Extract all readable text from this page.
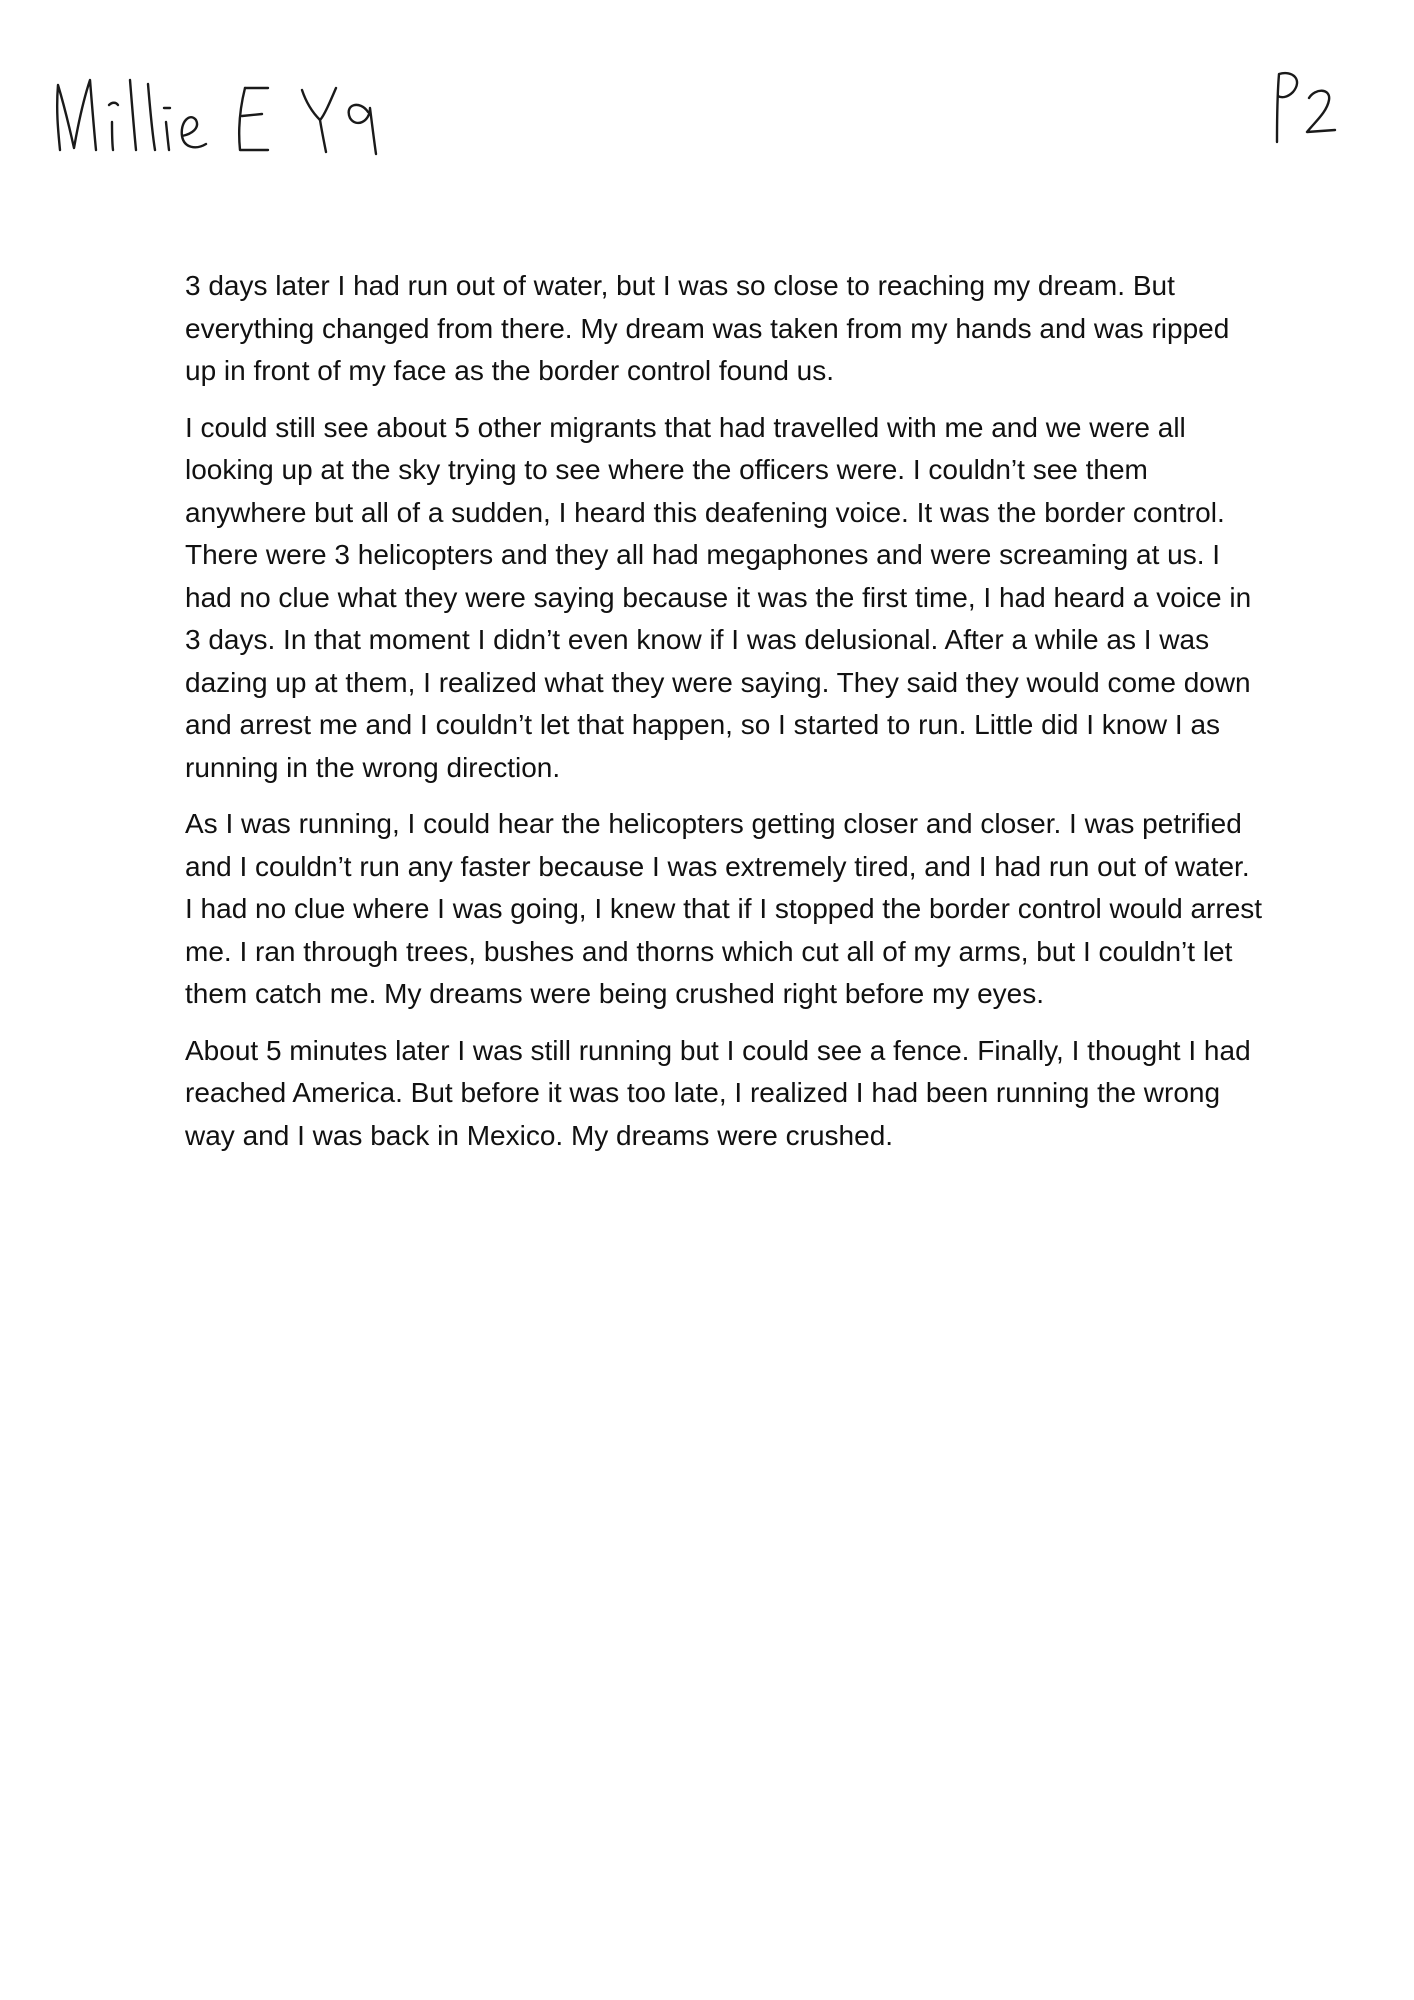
3 days later I had run out of water, but I was so close to reaching my dream. But everything changed from there. My dream was taken from my hands and was ripped up in front of my face as the border control found us.

I could still see about 5 other migrants that had travelled with me and we were all looking up at the sky trying to see where the officers were. I couldn’t see them anywhere but all of a sudden, I heard this deafening voice. It was the border control. There were 3 helicopters and they all had megaphones and were screaming at us. I had no clue what they were saying because it was the first time, I had heard a voice in 3 days. In that moment I didn’t even know if I was delusional. After a while as I was dazing up at them, I realized what they were saying. They said they would come down and arrest me and I couldn’t let that happen, so I started to run. Little did I know I as running in the wrong direction.

As I was running, I could hear the helicopters getting closer and closer. I was petrified and I couldn’t run any faster because I was extremely tired, and I had run out of water. I had no clue where I was going, I knew that if I stopped the border control would arrest me. I ran through trees, bushes and thorns which cut all of my arms, but I couldn’t let them catch me. My dreams were being crushed right before my eyes.

About 5 minutes later I was still running but I could see a fence. Finally, I thought I had reached America. But before it was too late, I realized I had been running the wrong way and I was back in Mexico. My dreams were crushed.
